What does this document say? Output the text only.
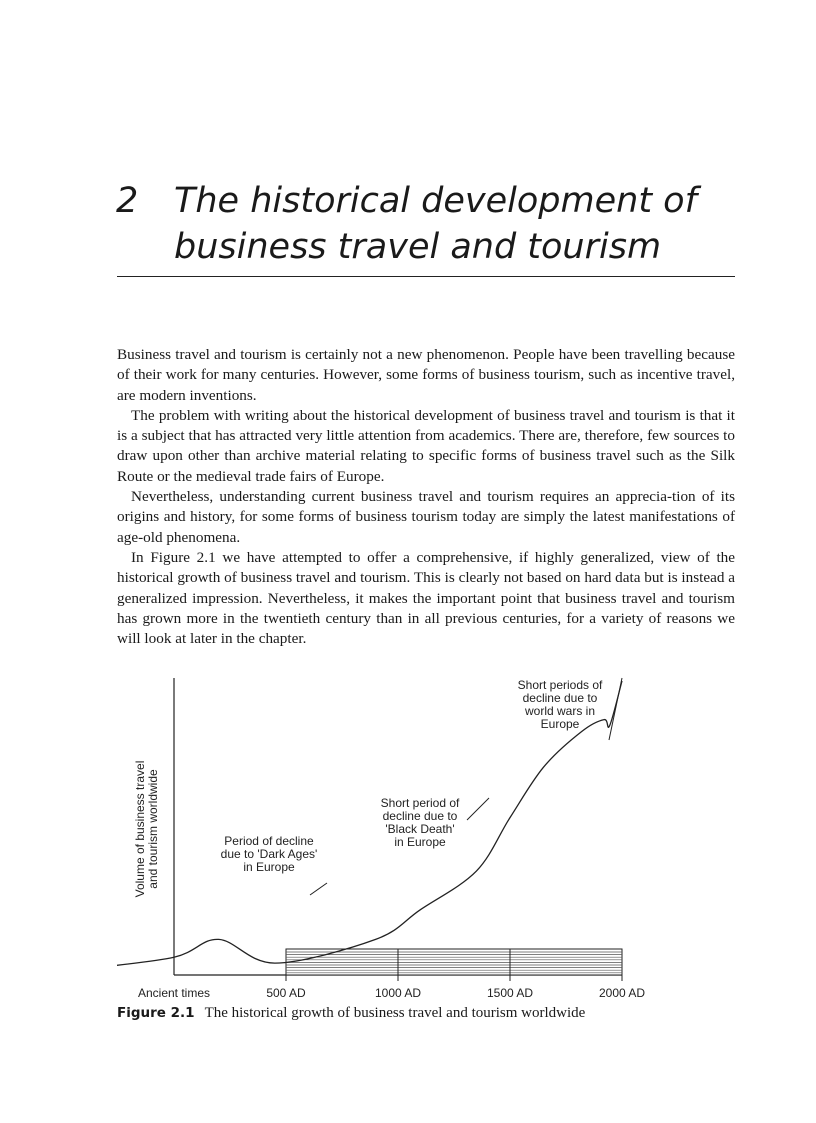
2 The historical development of
business travel and tourism

Business travel and tourism is certainly not a new phenomenon. People have been travelling because of their work for many centuries. However, some forms of business tourism, such as incentive travel, are modern inventions.

The problem with writing about the historical development of business travel and tourism is that it is a subject that has attracted very little attention from academics. There are, therefore, few sources to draw upon other than archive material relating to specific forms of business travel such as the Silk Route or the medieval trade fairs of Europe.

Nevertheless, understanding current business travel and tourism requires an apprecia-tion of its origins and history, for some forms of business tourism today are simply the latest manifestations of age-old phenomena.

In Figure 2.1 we have attempted to offer a comprehensive, if highly generalized, view of the historical growth of business travel and tourism. This is clearly not based on hard data but is instead a generalized impression. Nevertheless, it makes the important point that business travel and tourism has grown more in the twentieth century than in all previous centuries, for a variety of reasons we will look at later in the chapter.

Volume of business travel and tourism worldwide
Ancient times	500 AD	1000 AD	1500 AD	2000 AD
Period of decline
due to 'Dark Ages'
in Europe
Short period of
decline due to
'Black Death'
in Europe
Short periods of
decline due to
world wars in
Europe
Figure 2.1 The historical growth of business travel and tourism worldwide
